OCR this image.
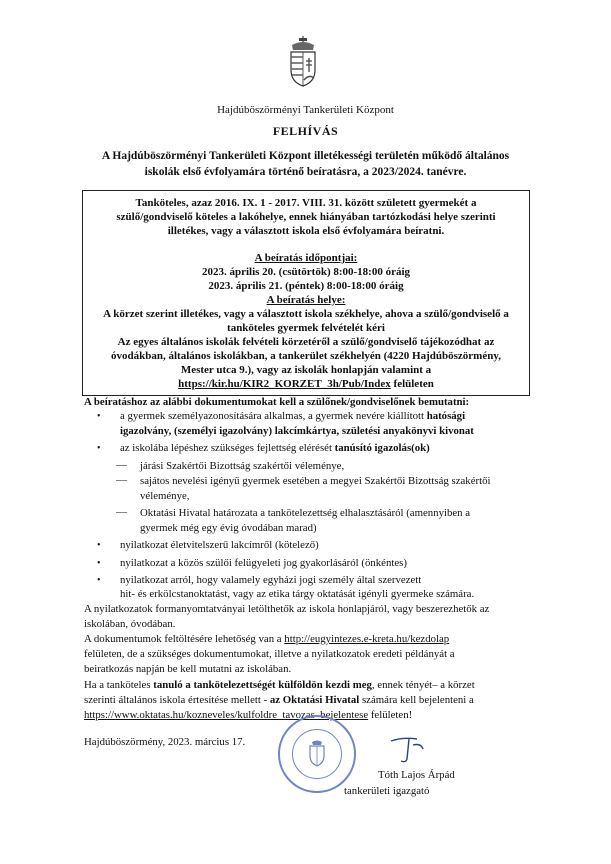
Hajdúböszörményi Tankerületi Központ
FELHÍVÁS
A Hajdúböszörményi Tankerületi Központ illetékességi területén működő általános
iskolák első évfolyamára történő beíratásra, a 2023/2024. tanévre.
Tanköteles, azaz 2016. IX. 1 - 2017. VIII. 31. között született gyermekét a
szülő/gondviselő köteles a lakóhelye, ennek hiányában tartózkodási helye szerinti
illetékes, vagy a választott iskola első évfolyamára beíratni.
A beíratás időpontjai:
2023. április 20. (csütörtök) 8:00-18:00 óráig
2023. április 21. (péntek) 8:00-18:00 óráig
A beíratás helye:
A körzet szerint illetékes, vagy a választott iskola székhelye, ahova a szülő/gondviselő a
tanköteles gyermek felvételét kéri
Az egyes általános iskolák felvételi körzetéről a szülő/gondviselő tájékozódhat az
óvodákban, általános iskolákban, a tankerület székhelyén (4220 Hajdúböszörmény,
Mester utca 9.), vagy az iskolák honlapján valamint a
https://kir.hu/KIR2_KORZET_3h/Pub/Index felületen
A beíratáshoz az alábbi dokumentumokat kell a szülőnek/gondviselőnek bemutatni:
• a gyermek személyazonosítására alkalmas, a gyermek nevére kiállított hatósági
igazolvány, (személyi igazolvány) lakcímkártya, születési anyakönyvi kivonat
• az iskolába lépéshez szükséges fejlettség elérését tanúsító igazolás(ok)
— járási Szakértői Bizottság szakértői véleménye,
— sajátos nevelési igényű gyermek esetében a megyei Szakértői Bizottság szakértői
véleménye,
— Oktatási Hivatal határozata a tankötelezettség elhalasztásáról (amennyiben a
gyermek még egy évig óvodában marad)
• nyilatkozat életvitelszerű lakcímről (kötelező)
• nyilatkozat a közös szülői felügyeleti jog gyakorlásáról (önkéntes)
• nyilatkozat arról, hogy valamely egyházi jogi személy által szervezett
hit- és erkölcstanoktatást, vagy az etika tárgy oktatását igényli gyermeke számára.
A nyilatkozatok formanyomtatványai letölthetők az iskola honlapjáról, vagy beszerezhetők az
iskolában, óvodában.
A dokumentumok feltöltésére lehetőség van a http://eugyintezes.e-kreta.hu/kezdolap
felületen, de a szükséges dokumentumokat, illetve a nyilatkozatok eredeti példányát a
beiratkozás napján be kell mutatni az iskolában.
Ha a tanköteles tanuló a tankötelezettségét külföldön kezdi meg, ennek tényét– a körzet
szerinti általános iskola értesítése mellett - az Oktatási Hivatal számára kell bejelenteni a
https://www.oktatas.hu/kozneveles/kulfoldre_tavozas_bejelentese felületen!
Hajdúböszörmény, 2023. március 17.
Tóth Lajos Árpád
tankerületi igazgató
